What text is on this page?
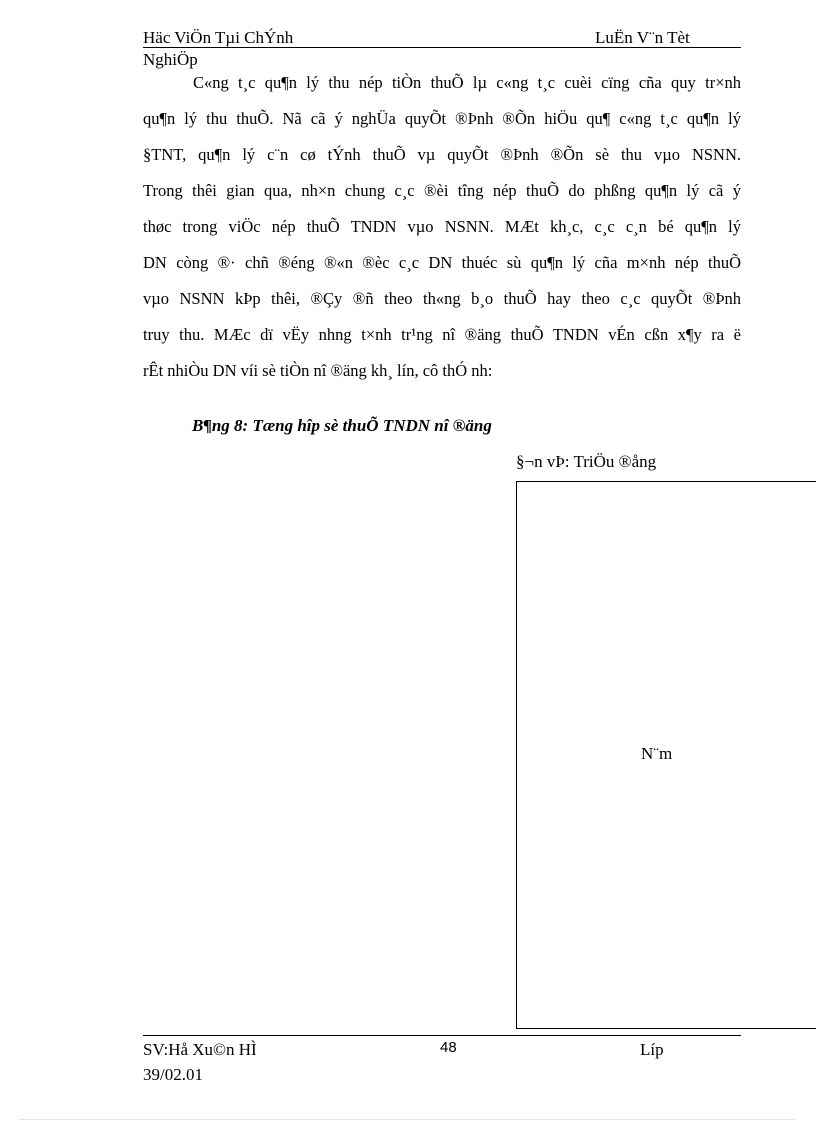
Häc ViÖn Tµi ChÝnh	LuËn V¨n Tèt
NghiÖp
C«ng t¸c qu¶n lý thu nép tiÒn thuÕ lµ c«ng t¸c cuèi cïng cña quy tr×nh
qu¶n lý thu thuÕ. Nã cã ý nghÜa quyÕt ®Þnh ®Õn hiÖu qu¶ c«ng t¸c qu¶n lý
§TNT, qu¶n lý c¨n cø tÝnh thuÕ vµ quyÕt ®Þnh ®Õn sè thu vµo NSNN.
Trong thêi gian qua, nh×n chung c¸c ®èi tîng nép thuÕ do phßng qu¶n lý cã ý
thøc trong viÖc nép thuÕ TNDN vµo NSNN. MÆt kh¸c, c¸c c¸n bé qu¶n lý
DN còng ®· chñ ®éng ®«n ®èc c¸c DN thuéc sù qu¶n lý cña m×nh nép thuÕ
vµo NSNN kÞp thêi, ®Çy ®ñ theo th«ng b¸o thuÕ hay theo c¸c quyÕt ®Þnh
truy thu. MÆc dï vËy nhng t×nh tr¹ng nî ®äng thuÕ TNDN vÉn cßn x¶y ra ë
rÊt nhiÒu DN víi sè tiÒn nî ®äng kh¸ lín, cô thÓ nh:
B¶ng 8: Tæng hîp sè thuÕ TNDN nî ®äng
§¬n vÞ: TriÖu ®ång
N¨m
SV:Hå Xu©n HÌ	48	Líp
39/02.01
